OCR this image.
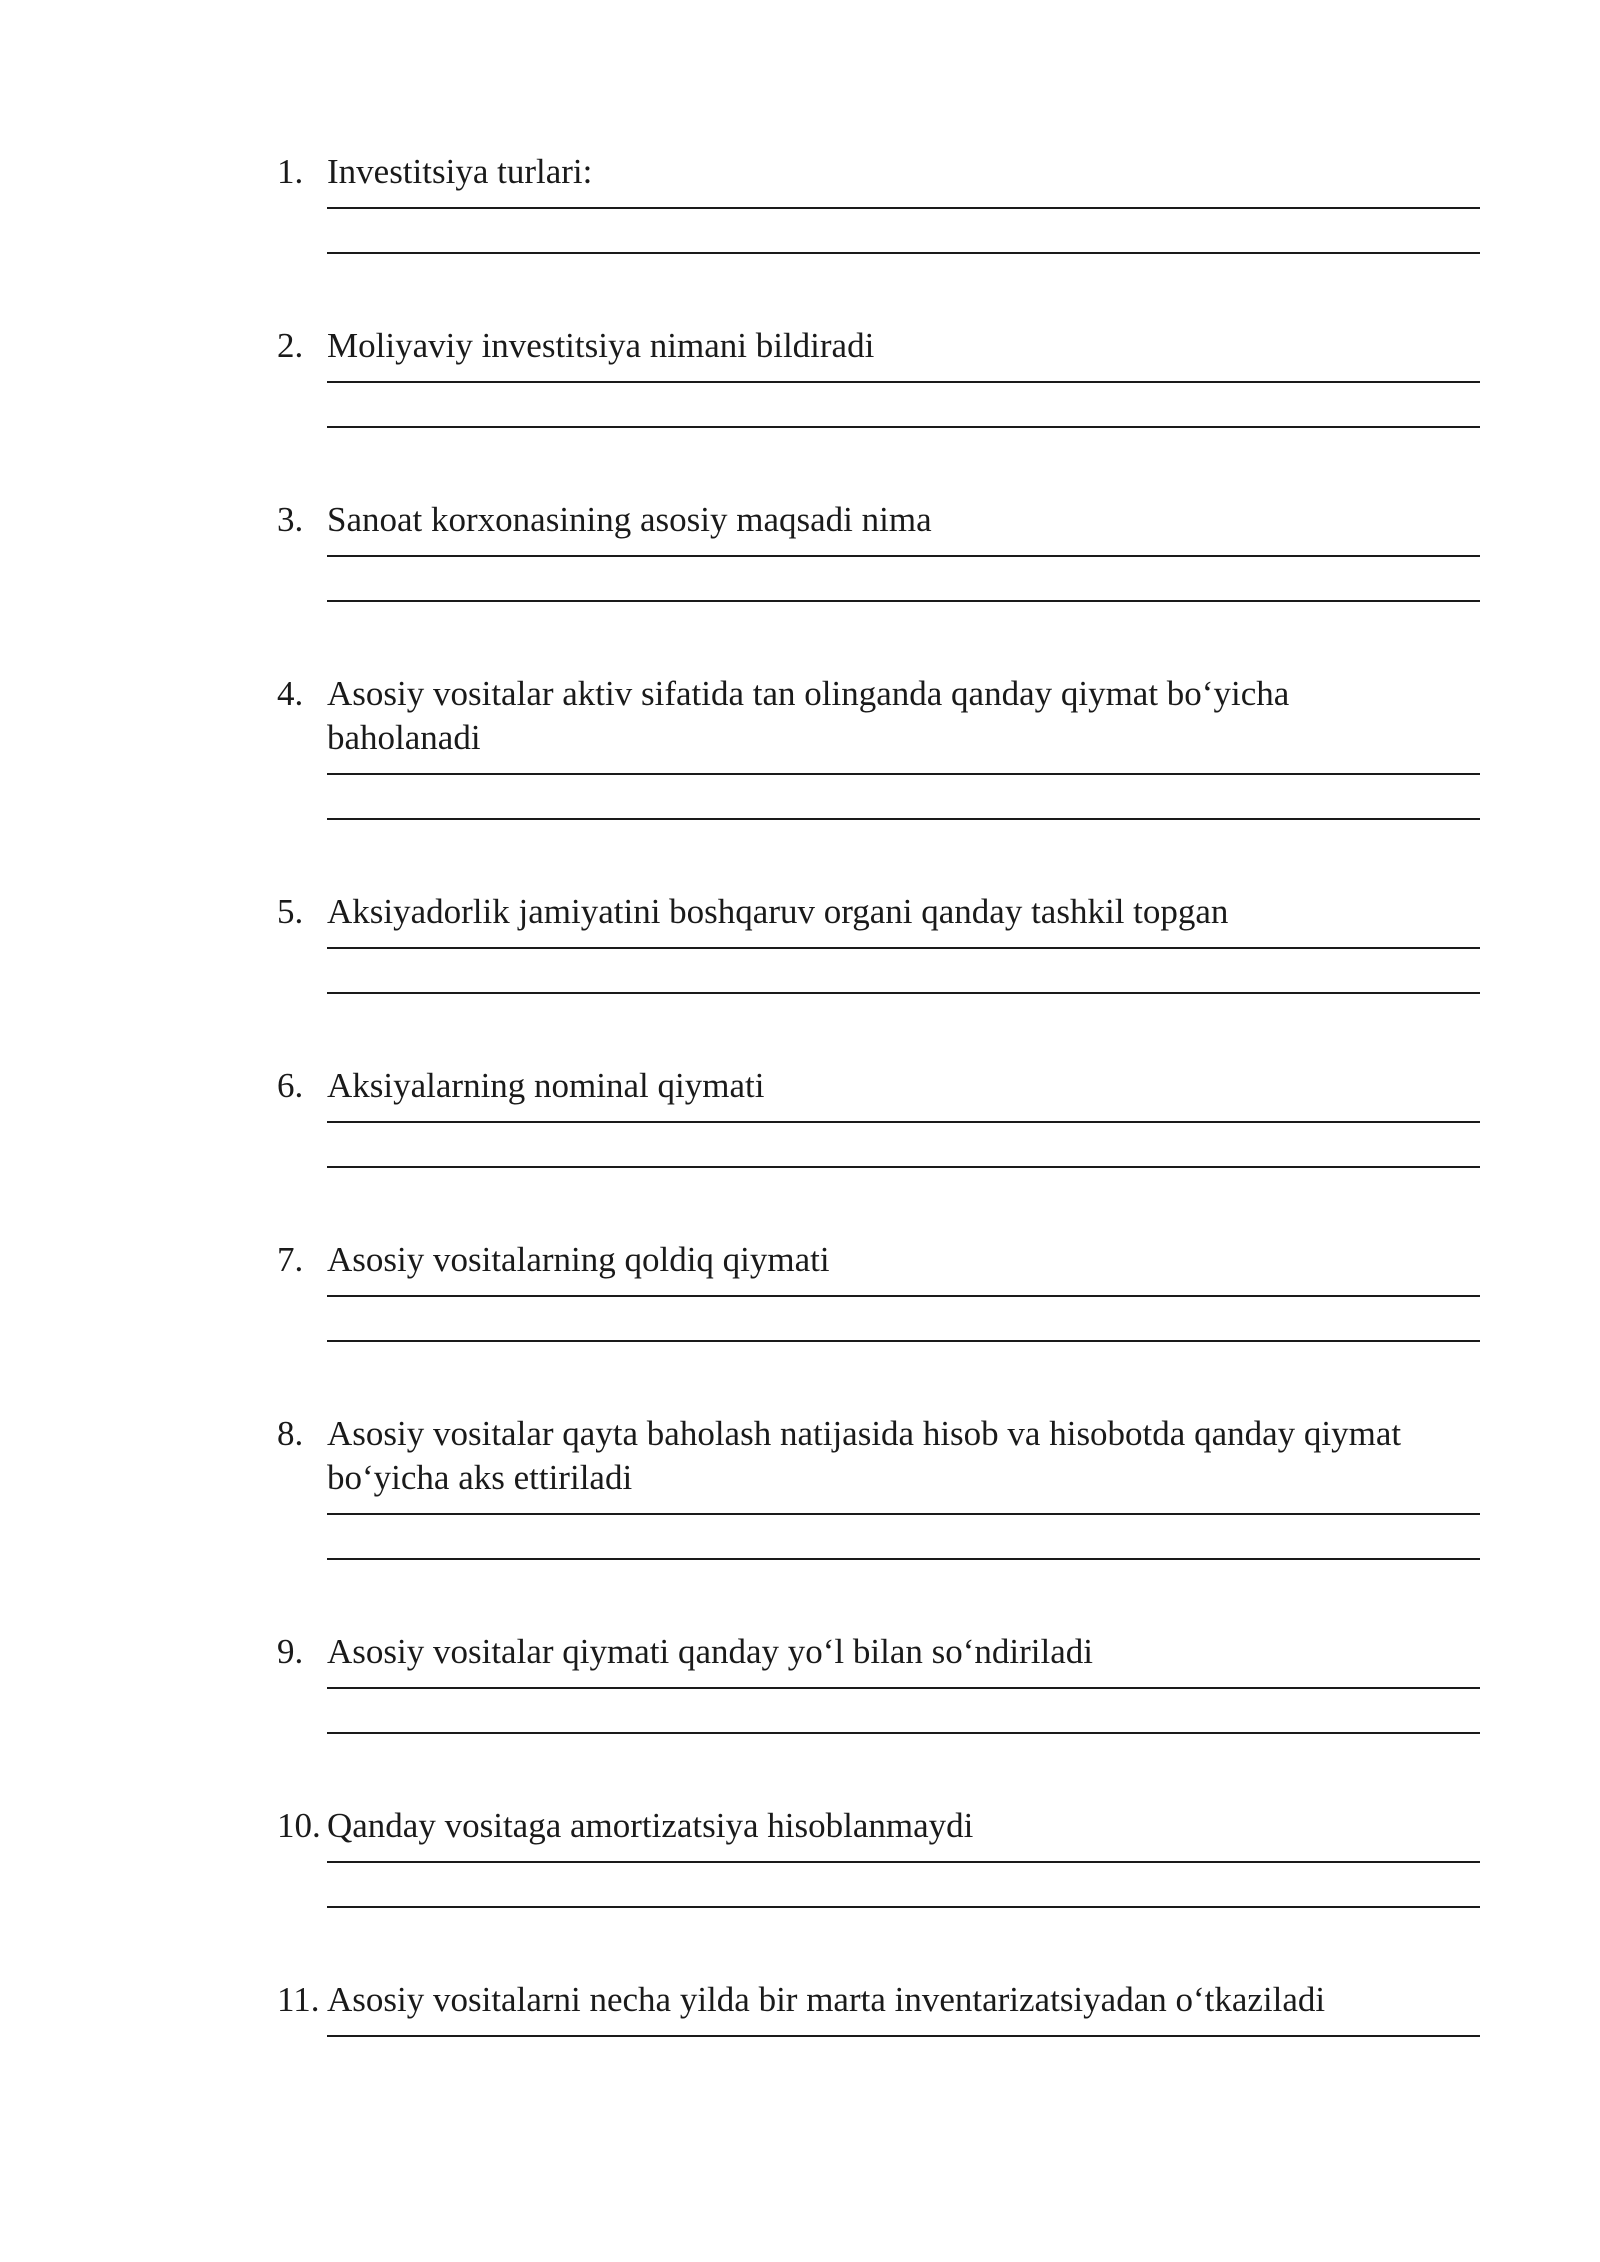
1. Investitsiya turlari:
2. Moliyaviy investitsiya nimani bildiradi
3. Sanoat korxonasining asosiy maqsadi nima
4. Asosiy vositalar aktiv sifatida tan olinganda qanday qiymat bo‘yicha
baholanadi
5. Aksiyadorlik jamiyatini boshqaruv organi qanday tashkil topgan
6. Aksiyalarning nominal qiymati
7. Asosiy vositalarning qoldiq qiymati
8. Asosiy vositalar qayta baholash natijasida hisob va hisobotda qanday qiymat
bo‘yicha aks ettiriladi
9. Asosiy vositalar qiymati qanday yo‘l bilan so‘ndiriladi
10. Qanday vositaga amortizatsiya hisoblanmaydi
11. Asosiy vositalarni necha yilda bir marta inventarizatsiyadan o‘tkaziladi
